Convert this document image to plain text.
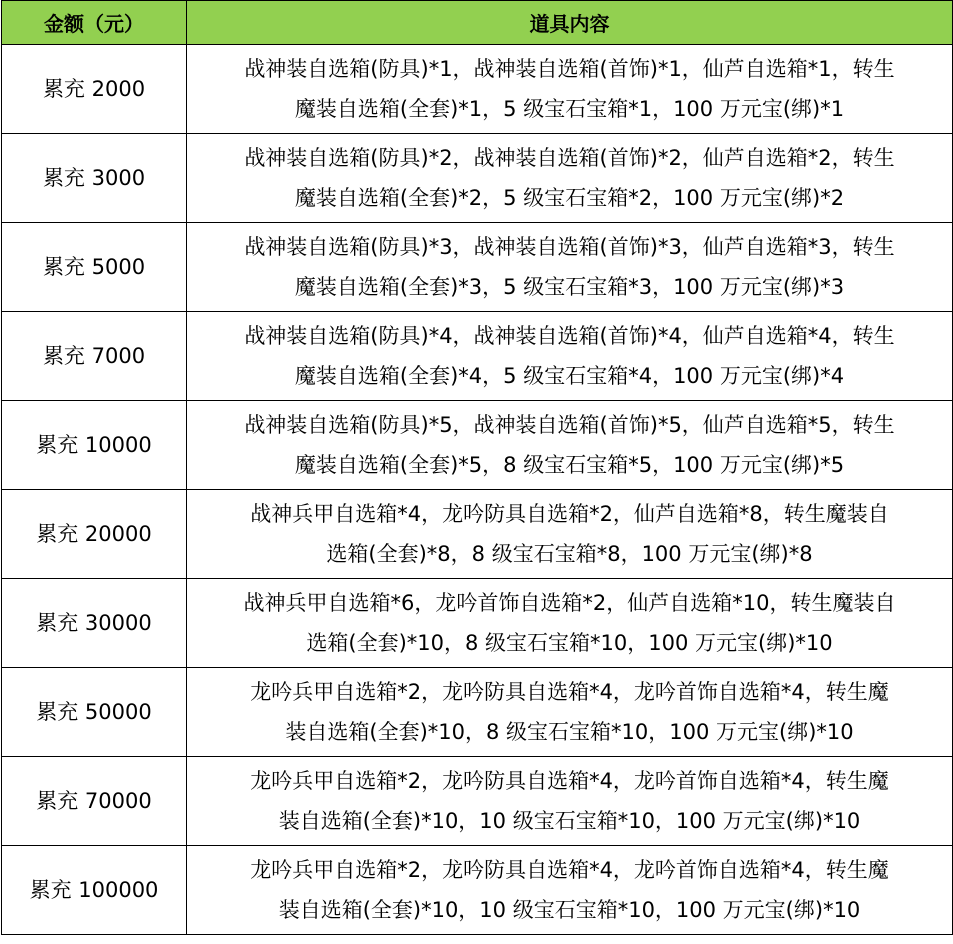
金额（元）	道具内容
累充 2000	战神装自选箱(防具)*1，战神装自选箱(首饰)*1，仙芦自选箱*1，转生
魔装自选箱(全套)*1，5 级宝石宝箱*1，100 万元宝(绑)*1
累充 3000	战神装自选箱(防具)*2，战神装自选箱(首饰)*2，仙芦自选箱*2，转生
魔装自选箱(全套)*2，5 级宝石宝箱*2，100 万元宝(绑)*2
累充 5000	战神装自选箱(防具)*3，战神装自选箱(首饰)*3，仙芦自选箱*3，转生
魔装自选箱(全套)*3，5 级宝石宝箱*3，100 万元宝(绑)*3
累充 7000	战神装自选箱(防具)*4，战神装自选箱(首饰)*4，仙芦自选箱*4，转生
魔装自选箱(全套)*4，5 级宝石宝箱*4，100 万元宝(绑)*4
累充 10000	战神装自选箱(防具)*5，战神装自选箱(首饰)*5，仙芦自选箱*5，转生
魔装自选箱(全套)*5，8 级宝石宝箱*5，100 万元宝(绑)*5
累充 20000	战神兵甲自选箱*4，龙吟防具自选箱*2，仙芦自选箱*8，转生魔装自
选箱(全套)*8，8 级宝石宝箱*8，100 万元宝(绑)*8
累充 30000	战神兵甲自选箱*6，龙吟首饰自选箱*2，仙芦自选箱*10，转生魔装自
选箱(全套)*10，8 级宝石宝箱*10，100 万元宝(绑)*10
累充 50000	龙吟兵甲自选箱*2，龙吟防具自选箱*4，龙吟首饰自选箱*4，转生魔
装自选箱(全套)*10，8 级宝石宝箱*10，100 万元宝(绑)*10
累充 70000	龙吟兵甲自选箱*2，龙吟防具自选箱*4，龙吟首饰自选箱*4，转生魔
装自选箱(全套)*10，10 级宝石宝箱*10，100 万元宝(绑)*10
累充 100000	龙吟兵甲自选箱*2，龙吟防具自选箱*4，龙吟首饰自选箱*4，转生魔
装自选箱(全套)*10，10 级宝石宝箱*10，100 万元宝(绑)*10
